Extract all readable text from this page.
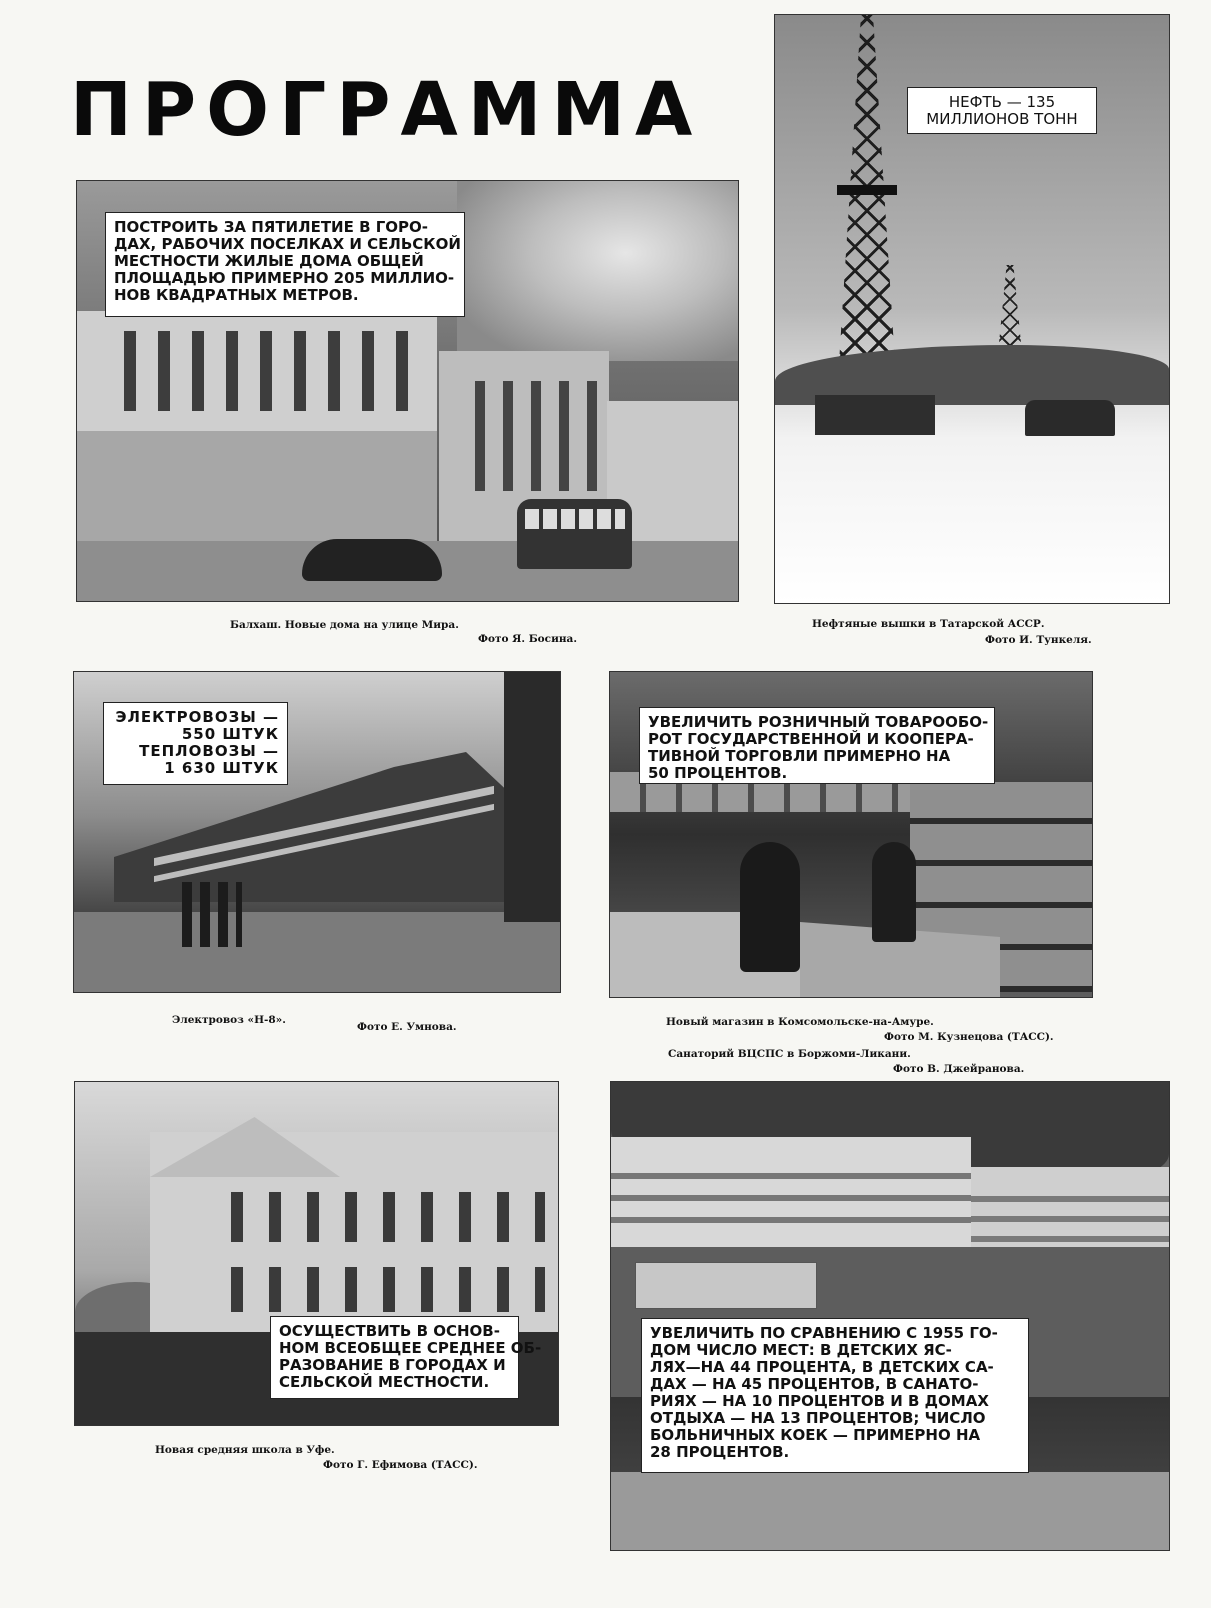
ПРОГРАММА
ПОСТРОИТЬ ЗА ПЯТИЛЕТИЕ В ГОРО-
ДАХ, РАБОЧИХ ПОСЕЛКАХ И СЕЛЬСКОЙ
МЕСТНОСТИ ЖИЛЫЕ ДОМА ОБЩЕЙ
ПЛОЩАДЬЮ ПРИМЕРНО 205 МИЛЛИО-
НОВ КВАДРАТНЫХ МЕТРОВ.
Балхаш. Новые дома на улице Мира.
Фото Я. Босина.
НЕФТЬ — 135
МИЛЛИОНОВ ТОНН
Нефтяные вышки в Татарской АССР.
Фото И. Тункеля.
ЭЛЕКТРОВОЗЫ —
550 ШТУК
ТЕПЛОВОЗЫ —
1 630 ШТУК
Электровоз «Н-8».
Фото Е. Умнова.
УВЕЛИЧИТЬ РОЗНИЧНЫЙ ТОВАРООБО-
РОТ ГОСУДАРСТВЕННОЙ И КООПЕРА-
ТИВНОЙ ТОРГОВЛИ ПРИМЕРНО НА
50 ПРОЦЕНТОВ.
Новый магазин в Комсомольске-на-Амуре.
Фото М. Кузнецова (ТАСС).
Санаторий ВЦСПС в Боржоми-Ликани.
Фото В. Джейранова.
ОСУЩЕСТВИТЬ В ОСНОВ-
НОМ ВСЕОБЩЕЕ СРЕДНЕЕ ОБ-
РАЗОВАНИЕ В ГОРОДАХ И
СЕЛЬСКОЙ МЕСТНОСТИ.
Новая средняя школа в Уфе.
Фото Г. Ефимова (ТАСС).
УВЕЛИЧИТЬ ПО СРАВНЕНИЮ С 1955 ГО-
ДОМ ЧИСЛО МЕСТ: В ДЕТСКИХ ЯС-
ЛЯХ—НА 44 ПРОЦЕНТА, В ДЕТСКИХ СА-
ДАХ — НА 45 ПРОЦЕНТОВ, В САНАТО-
РИЯХ — НА 10 ПРОЦЕНТОВ И В ДОМАХ
ОТДЫХА — НА 13 ПРОЦЕНТОВ; ЧИСЛО
БОЛЬНИЧНЫХ КОЕК — ПРИМЕРНО НА
28 ПРОЦЕНТОВ.
